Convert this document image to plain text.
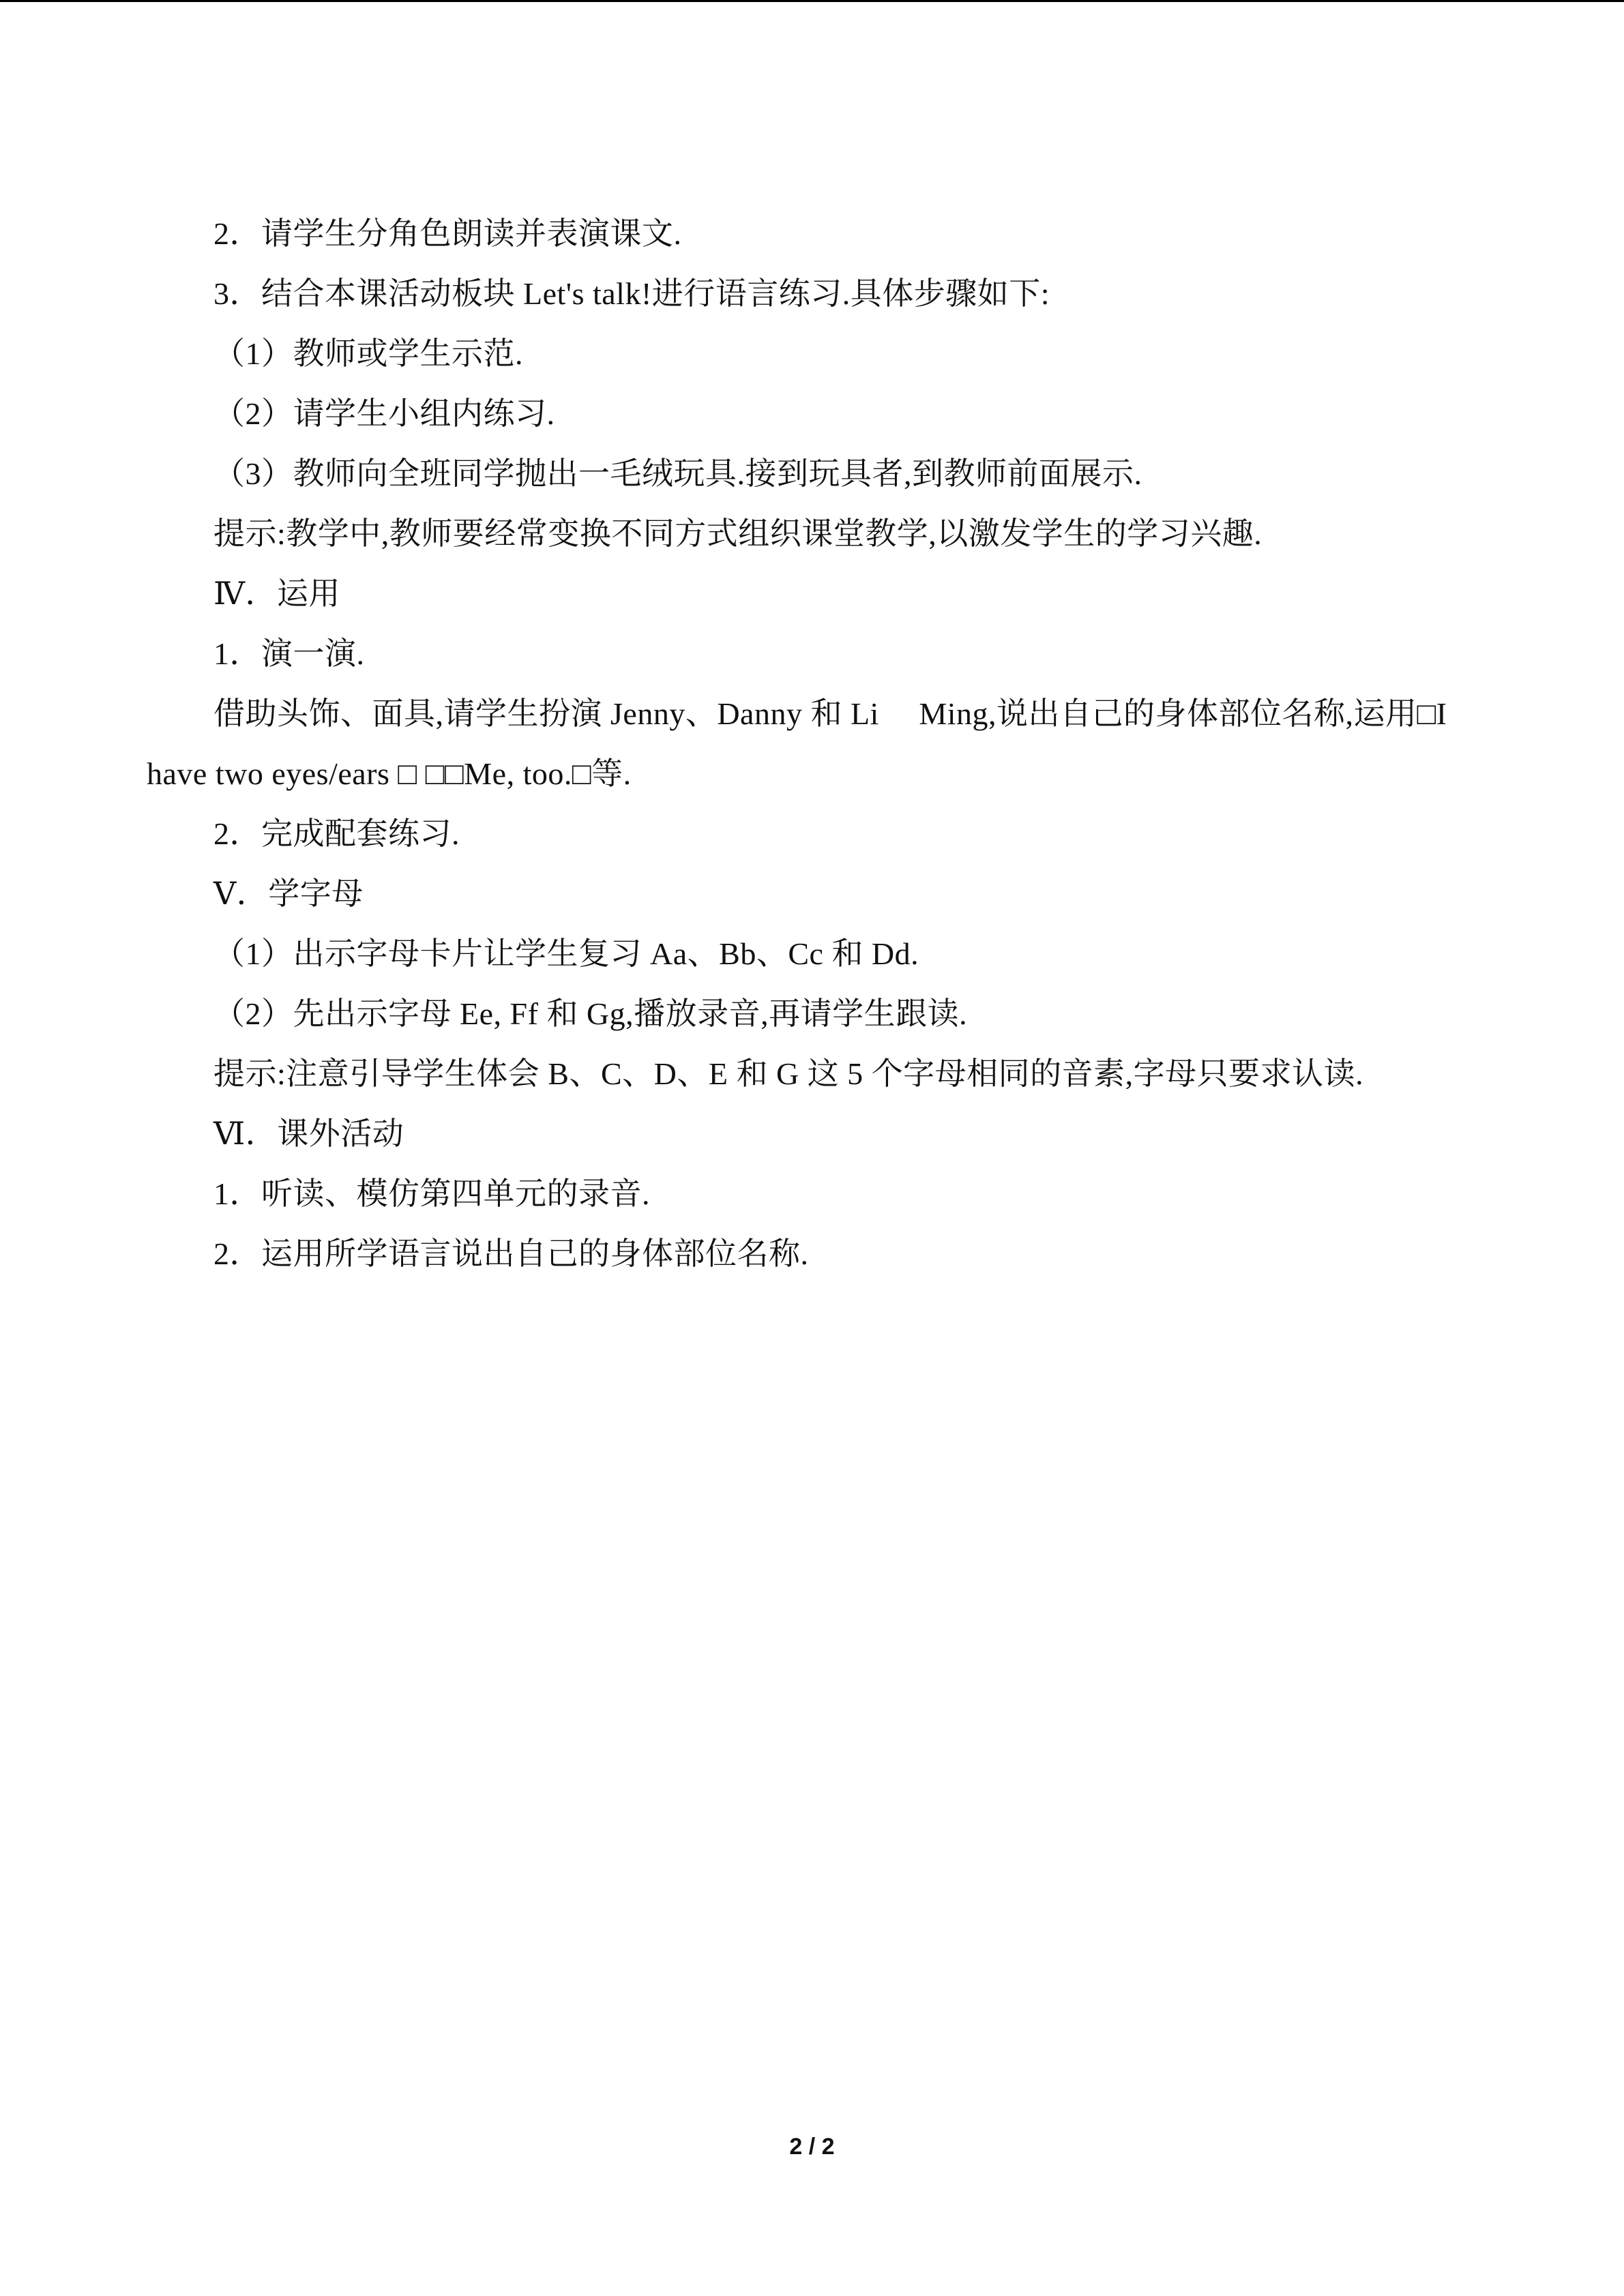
2．请学生分角色朗读并表演课文.
3．结合本课活动板块 Let's talk!进行语言练习.具体步骤如下:
（1）教师或学生示范.
（2）请学生小组内练习.
（3）教师向全班同学抛出一毛绒玩具.接到玩具者,到教师前面展示.
提示:教学中,教师要经常变换不同方式组织课堂教学,以激发学生的学习兴趣.
Ⅳ．运用
1．演一演.
借助头饰、面具,请学生扮演 Jenny、Danny 和 Li　 Ming,说出自己的身体部位名称,运用□I
have two eyes/ears □ □□Me, too.□等.
2．完成配套练习.
Ⅴ．学字母
（1）出示字母卡片让学生复习 Aa、Bb、Cc 和 Dd.
（2）先出示字母 Ee, Ff 和 Gg,播放录音,再请学生跟读.
提示:注意引导学生体会 B、C、D、E 和 G 这 5 个字母相同的音素,字母只要求认读.
Ⅵ．课外活动
1．听读、模仿第四单元的录音.
2．运用所学语言说出自己的身体部位名称.
2 / 2
